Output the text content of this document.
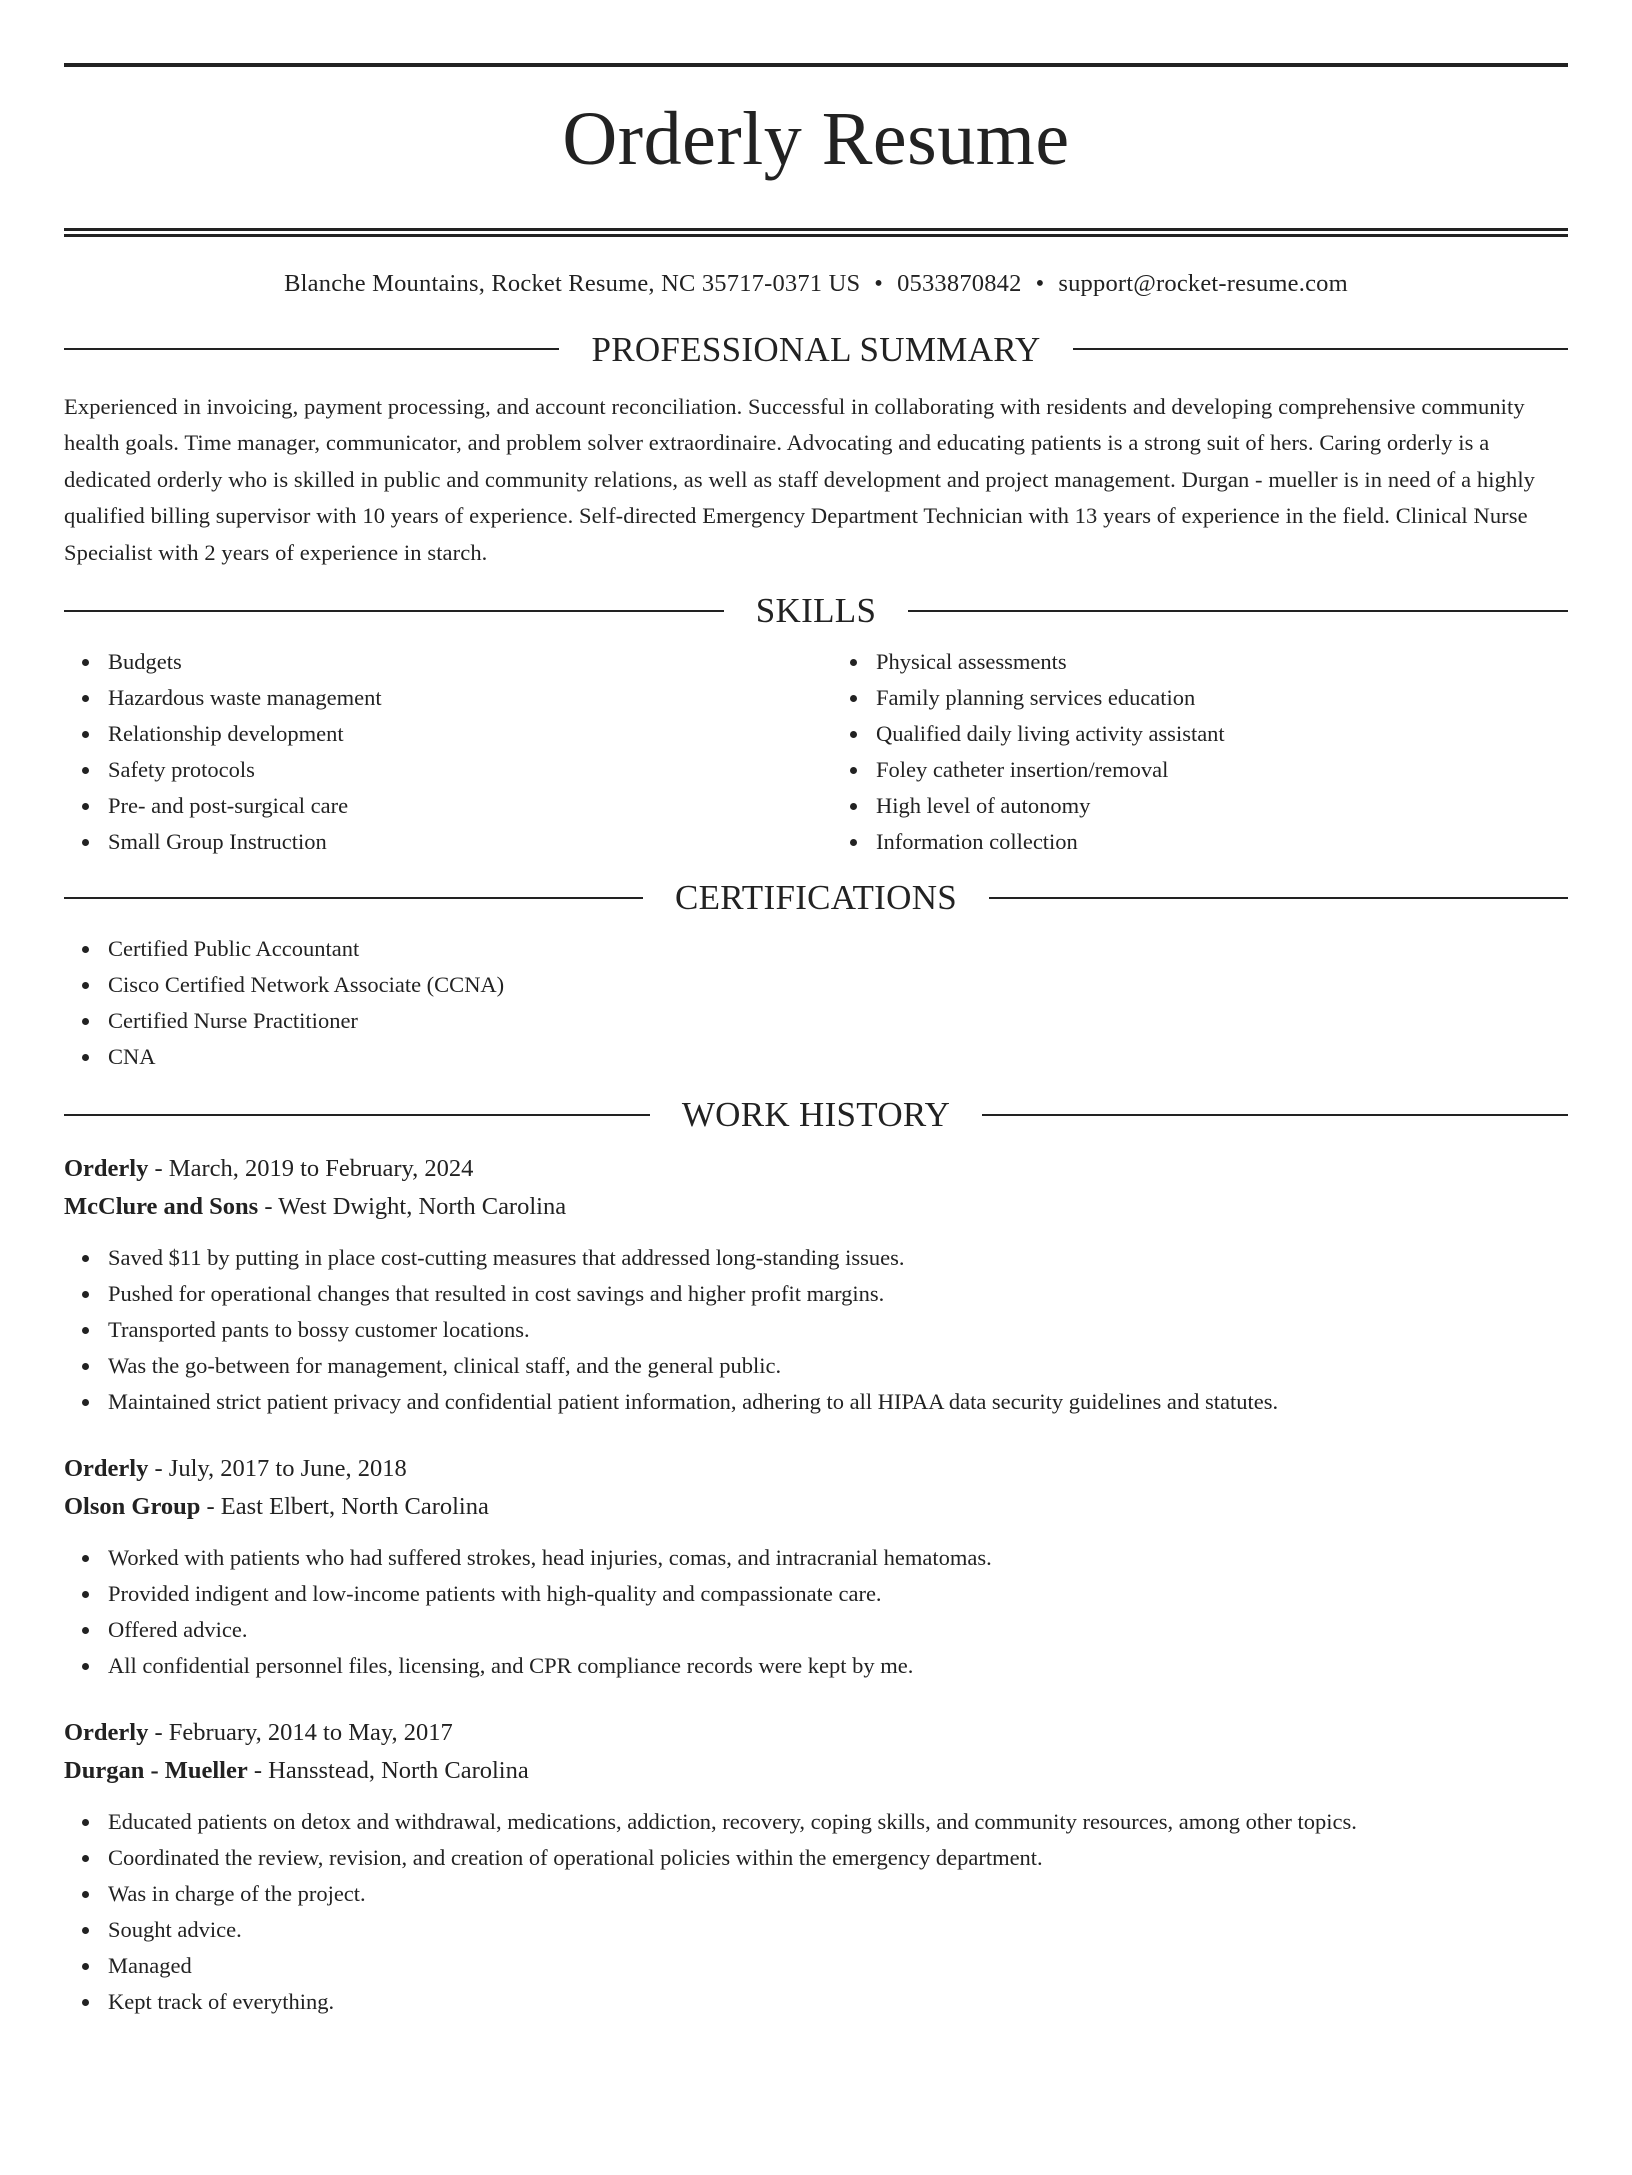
Orderly Resume
Blanche Mountains, Rocket Resume, NC 35717-0371 US • 0533870842 • support@rocket-resume.com
PROFESSIONAL SUMMARY

Experienced in invoicing, payment processing, and account reconciliation. Successful in collaborating with residents and developing comprehensive community health goals. Time manager, communicator, and problem solver extraordinaire. Advocating and educating patients is a strong suit of hers. Caring orderly is a dedicated orderly who is skilled in public and community relations, as well as staff development and project management. Durgan - mueller is in need of a highly qualified billing supervisor with 10 years of experience. Self-directed Emergency Department Technician with 13 years of experience in the field. Clinical Nurse Specialist with 2 years of experience in starch.

SKILLS
Budgets
Hazardous waste management
Relationship development
Safety protocols
Pre- and post-surgical care
Small Group Instruction
Physical assessments
Family planning services education
Qualified daily living activity assistant
Foley catheter insertion/removal
High level of autonomy
Information collection
CERTIFICATIONS
Certified Public Accountant
Cisco Certified Network Associate (CCNA)
Certified Nurse Practitioner
CNA
WORK HISTORY
Orderly - March, 2019 to February, 2024
McClure and Sons - West Dwight, North Carolina
Saved $11 by putting in place cost-cutting measures that addressed long-standing issues.
Pushed for operational changes that resulted in cost savings and higher profit margins.
Transported pants to bossy customer locations.
Was the go-between for management, clinical staff, and the general public.
Maintained strict patient privacy and confidential patient information, adhering to all HIPAA data security guidelines and statutes.
Orderly - July, 2017 to June, 2018
Olson Group - East Elbert, North Carolina
Worked with patients who had suffered strokes, head injuries, comas, and intracranial hematomas.
Provided indigent and low-income patients with high-quality and compassionate care.
Offered advice.
All confidential personnel files, licensing, and CPR compliance records were kept by me.
Orderly - February, 2014 to May, 2017
Durgan - Mueller - Hansstead, North Carolina
Educated patients on detox and withdrawal, medications, addiction, recovery, coping skills, and community resources, among other topics.
Coordinated the review, revision, and creation of operational policies within the emergency department.
Was in charge of the project.
Sought advice.
Managed
Kept track of everything.
